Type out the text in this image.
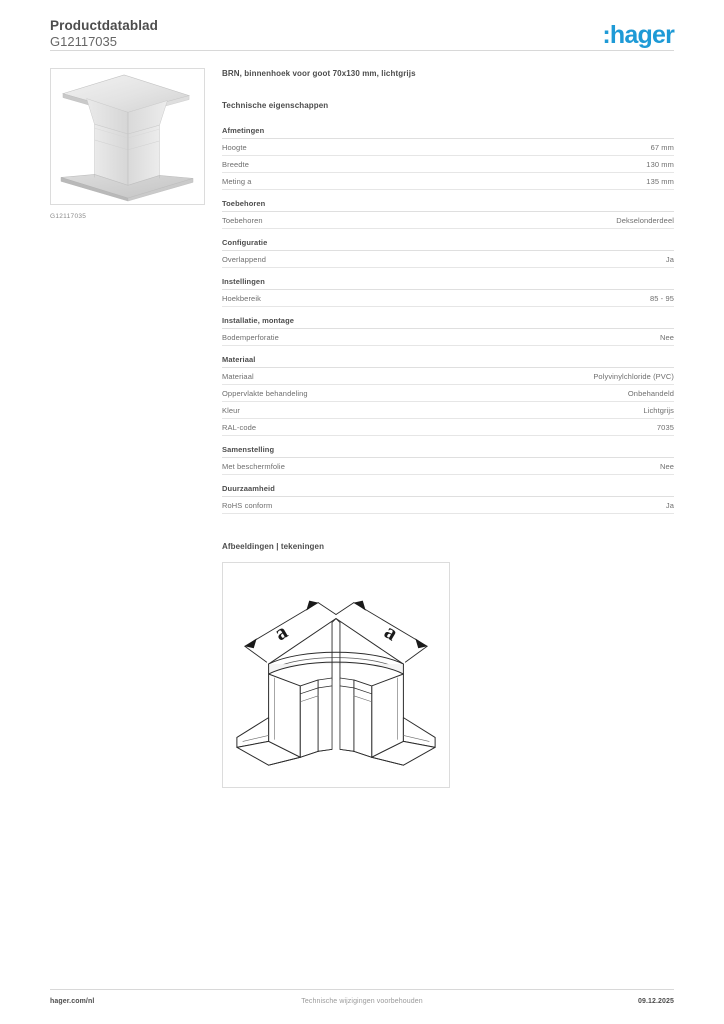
Productdatablad
G12117035	:hager
G12117035
BRN, binnenhoek voor goot 70x130 mm, lichtgrijs
Technische eigenschappen
Afmetingen	
Hoogte	67 mm
Breedte	130 mm
Meting a	135 mm
Toebehoren	
Toebehoren	Dekselonderdeel
Configuratie	
Overlappend	Ja
Instellingen	
Hoekbereik	85 - 95
Installatie, montage	
Bodemperforatie	Nee
Materiaal	
Materiaal	Polyvinylchloride (PVC)
Oppervlakte behandeling	Onbehandeld
Kleur	Lichtgrijs
RAL-code	7035
Samenstelling	
Met beschermfolie	Nee
Duurzaamheid	
RoHS conform	Ja
Afbeeldingen | tekeningen
a	a
hager.com/nl	Technische wijzigingen voorbehouden	09.12.2025
